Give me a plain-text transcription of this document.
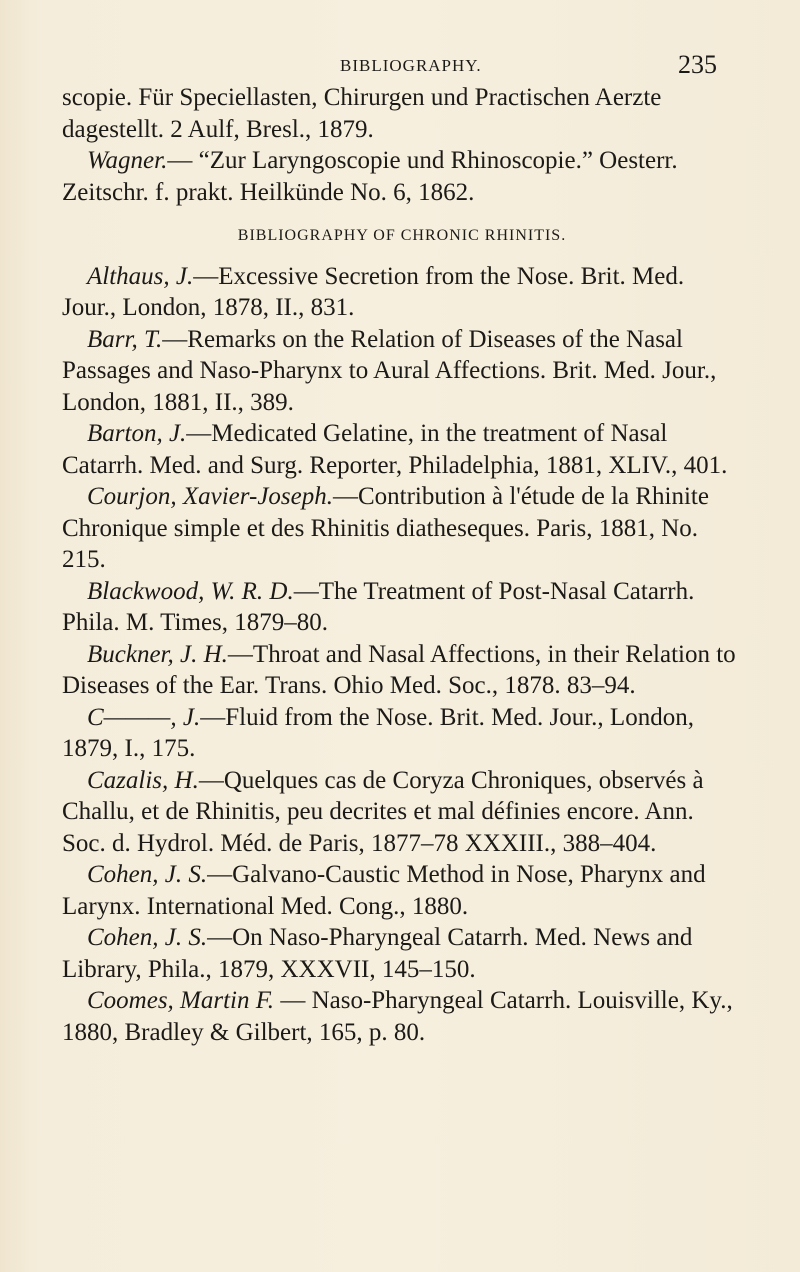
BIBLIOGRAPHY.	235

scopie. Für Speciellasten, Chirurgen und Practischen Aerzte dagestellt. 2 Aulf, Bresl., 1879.

Wagner.— “Zur Laryngoscopie und Rhinoscopie.” Oesterr. Zeitschr. f. prakt. Heilkünde No. 6, 1862.

BIBLIOGRAPHY OF CHRONIC RHINITIS.

Althaus, J.—Excessive Secretion from the Nose. Brit. Med. Jour., London, 1878, II., 831.

Barr, T.—Remarks on the Relation of Diseases of the Nasal Passages and Naso-Pharynx to Aural Affections. Brit. Med. Jour., London, 1881, II., 389.

Barton, J.—Medicated Gelatine, in the treatment of Nasal Catarrh. Med. and Surg. Reporter, Philadelphia, 1881, XLIV., 401.

Courjon, Xavier-Joseph.—Contribution à l'étude de la Rhinite Chronique simple et des Rhinitis diatheseques. Paris, 1881, No. 215.

Blackwood, W. R. D.—The Treatment of Post-Nasal Catarrh. Phila. M. Times, 1879–80.

Buckner, J. H.—Throat and Nasal Affections, in their Relation to Diseases of the Ear. Trans. Ohio Med. Soc., 1878. 83–94.

C———, J.—Fluid from the Nose. Brit. Med. Jour., London, 1879, I., 175.

Cazalis, H.—Quelques cas de Coryza Chroniques, observés à Challu, et de Rhinitis, peu decrites et mal définies encore. Ann. Soc. d. Hydrol. Méd. de Paris, 1877–78 XXXIII., 388–404.

Cohen, J. S.—Galvano-Caustic Method in Nose, Pharynx and Larynx. International Med. Cong., 1880.

Cohen, J. S.—On Naso-Pharyngeal Catarrh. Med. News and Library, Phila., 1879, XXXVII, 145–150.

Coomes, Martin F. — Naso-Pharyngeal Catarrh. Louisville, Ky., 1880, Bradley & Gilbert, 165, p. 80.
